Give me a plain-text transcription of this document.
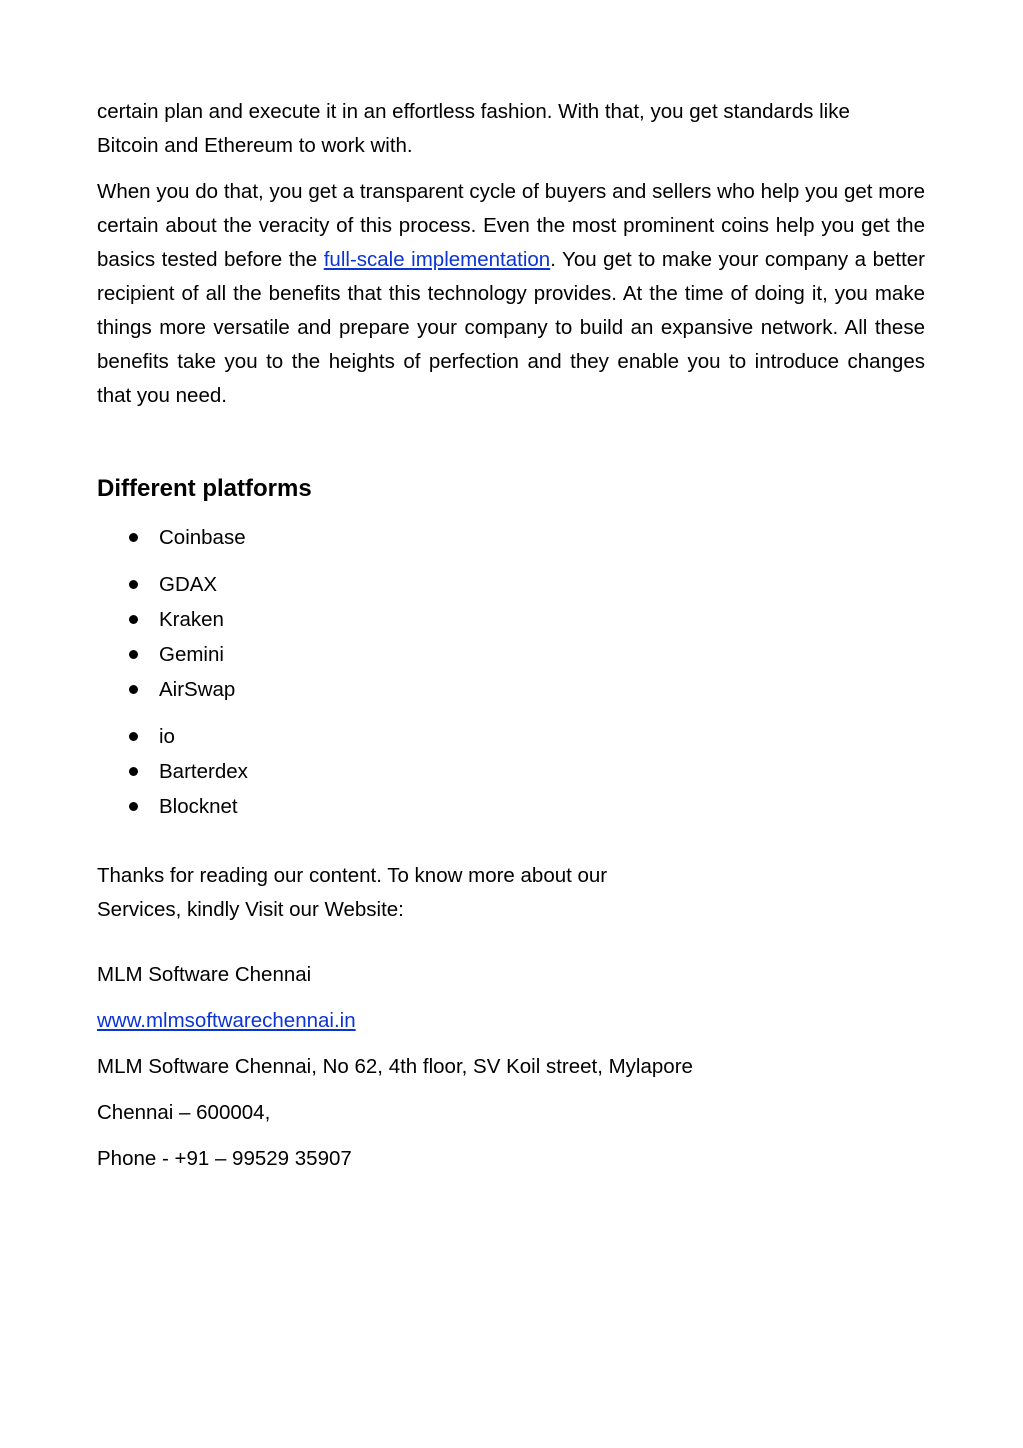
certain plan and execute it in an effortless fashion. With that, you get standards like Bitcoin and Ethereum to work with.

When you do that, you get a transparent cycle of buyers and sellers who help you get more certain about the veracity of this process. Even the most prominent coins help you get the basics tested before the full-scale implementation. You get to make your company a better recipient of all the benefits that this technology provides. At the time of doing it, you make things more versatile and prepare your company to build an expansive network. All these benefits take you to the heights of perfection and they enable you to introduce changes that you need.

Different platforms
Coinbase
GDAX
Kraken
Gemini
AirSwap
io
Barterdex
Blocknet

Thanks for reading our content. To know more about our

Services, kindly Visit our Website:

MLM Software Chennai
www.mlmsoftwarechennai.in
MLM Software Chennai, No 62, 4th floor, SV Koil street, Mylapore
Chennai – 600004,
Phone - +91 – 99529 35907
